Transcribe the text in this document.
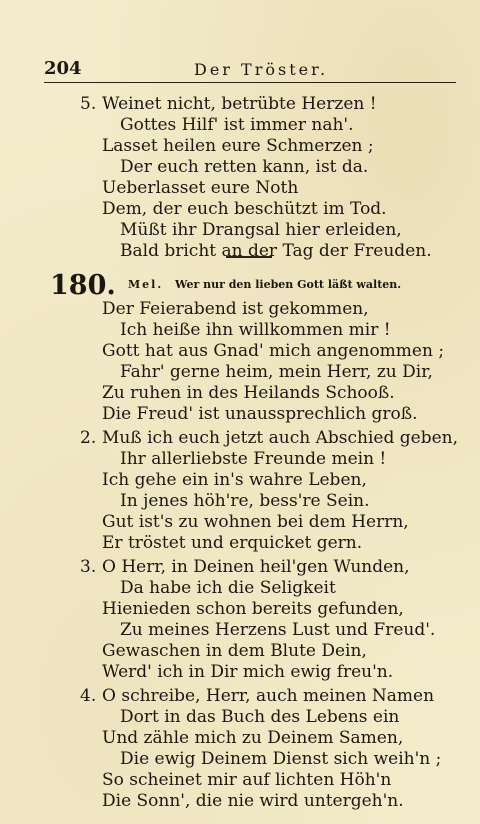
204	Der Tröster.
5. Weinet nicht, betrübte Herzen !
Gottes Hilf' ist immer nah'.
Lasset heilen eure Schmerzen ;
Der euch retten kann, ist da.
Ueberlasset eure Noth
Dem, der euch beschützt im Tod.
Müßt ihr Drangsal hier erleiden,
Bald bricht an der Tag der Freuden.
180. Mel. Wer nur den lieben Gott läßt walten.
Der Feierabend ist gekommen,
Ich heiße ihn willkommen mir !
Gott hat aus Gnad' mich angenommen ;
Fahr' gerne heim, mein Herr, zu Dir,
Zu ruhen in des Heilands Schooß.
Die Freud' ist unaussprechlich groß.
2. Muß ich euch jetzt auch Abschied geben,
Ihr allerliebste Freunde mein !
Ich gehe ein in's wahre Leben,
In jenes höh're, bess're Sein.
Gut ist's zu wohnen bei dem Herrn,
Er tröstet und erquicket gern.
3. O Herr, in Deinen heil'gen Wunden,
Da habe ich die Seligkeit
Hienieden schon bereits gefunden,
Zu meines Herzens Lust und Freud'.
Gewaschen in dem Blute Dein,
Werd' ich in Dir mich ewig freu'n.
4. O schreibe, Herr, auch meinen Namen
Dort in das Buch des Lebens ein
Und zähle mich zu Deinem Samen,
Die ewig Deinem Dienst sich weih'n ;
So scheinet mir auf lichten Höh'n
Die Sonn', die nie wird untergeh'n.
